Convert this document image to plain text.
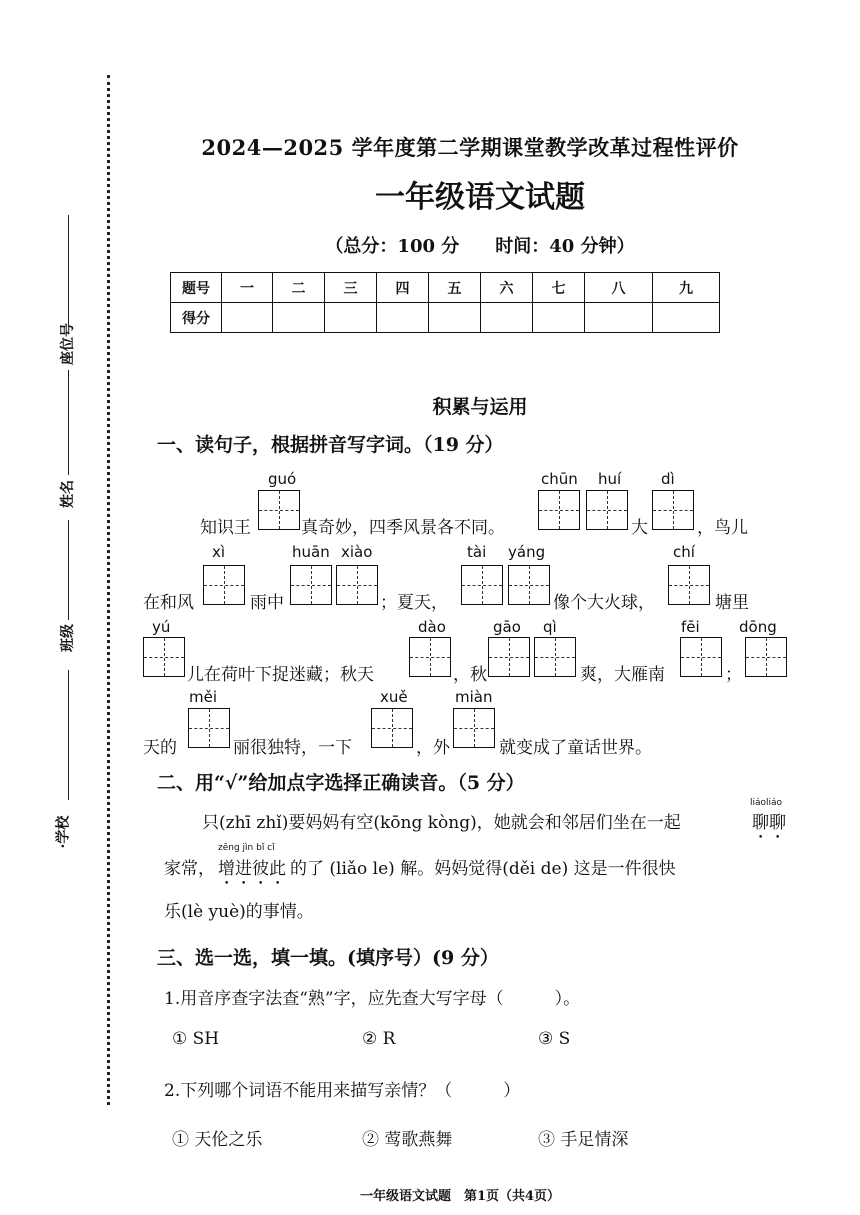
座位号
姓名
班级
·学校
2024—2025 学年度第二学期课堂教学改革过程性评价
一年级语文试题
（总分：100 分　　时间：40 分钟）
题号	一	二	三	四	五	六	七	八	九
得分									
积累与运用
一、读句子，根据拼音写字词。（19 分）
guó	chūn huí	dì
知识王	真奇妙，四季风景各不同。	大	，鸟儿
xì	huān xiào	tài yáng	chí
在和风	雨中	；夏天，	像个大火球，	塘里
yú	dào	gāo qì	fēi	dōng
儿在荷叶下捉迷藏；秋天	，秋	爽，大雁南	；
měi	xuě	miàn
天的	丽很独特，一下	，外	就变成了童话世界。
二、用“√”给加点字选择正确读音。（5 分）
只(zhī zhǐ)要妈妈有空(kōng kòng)，她就会和邻居们坐在一起
liáoliáo
聊聊
家常，
zēng jìn bǐ cǐ
增进彼此 的了 (liǎo le) 解。妈妈觉得(děi de) 这是一件很快
乐(lè yuè)的事情。
三、选一选，填一填。(填序号）(9 分）
1.用音序查字法查“熟”字，应先查大写字母（　　　）。
① SH	② R	③ S
2.下列哪个词语不能用来描写亲情？（　　　）
① 天伦之乐	② 莺歌燕舞	③ 手足情深
一年级语文试题　第1页（共4页）
